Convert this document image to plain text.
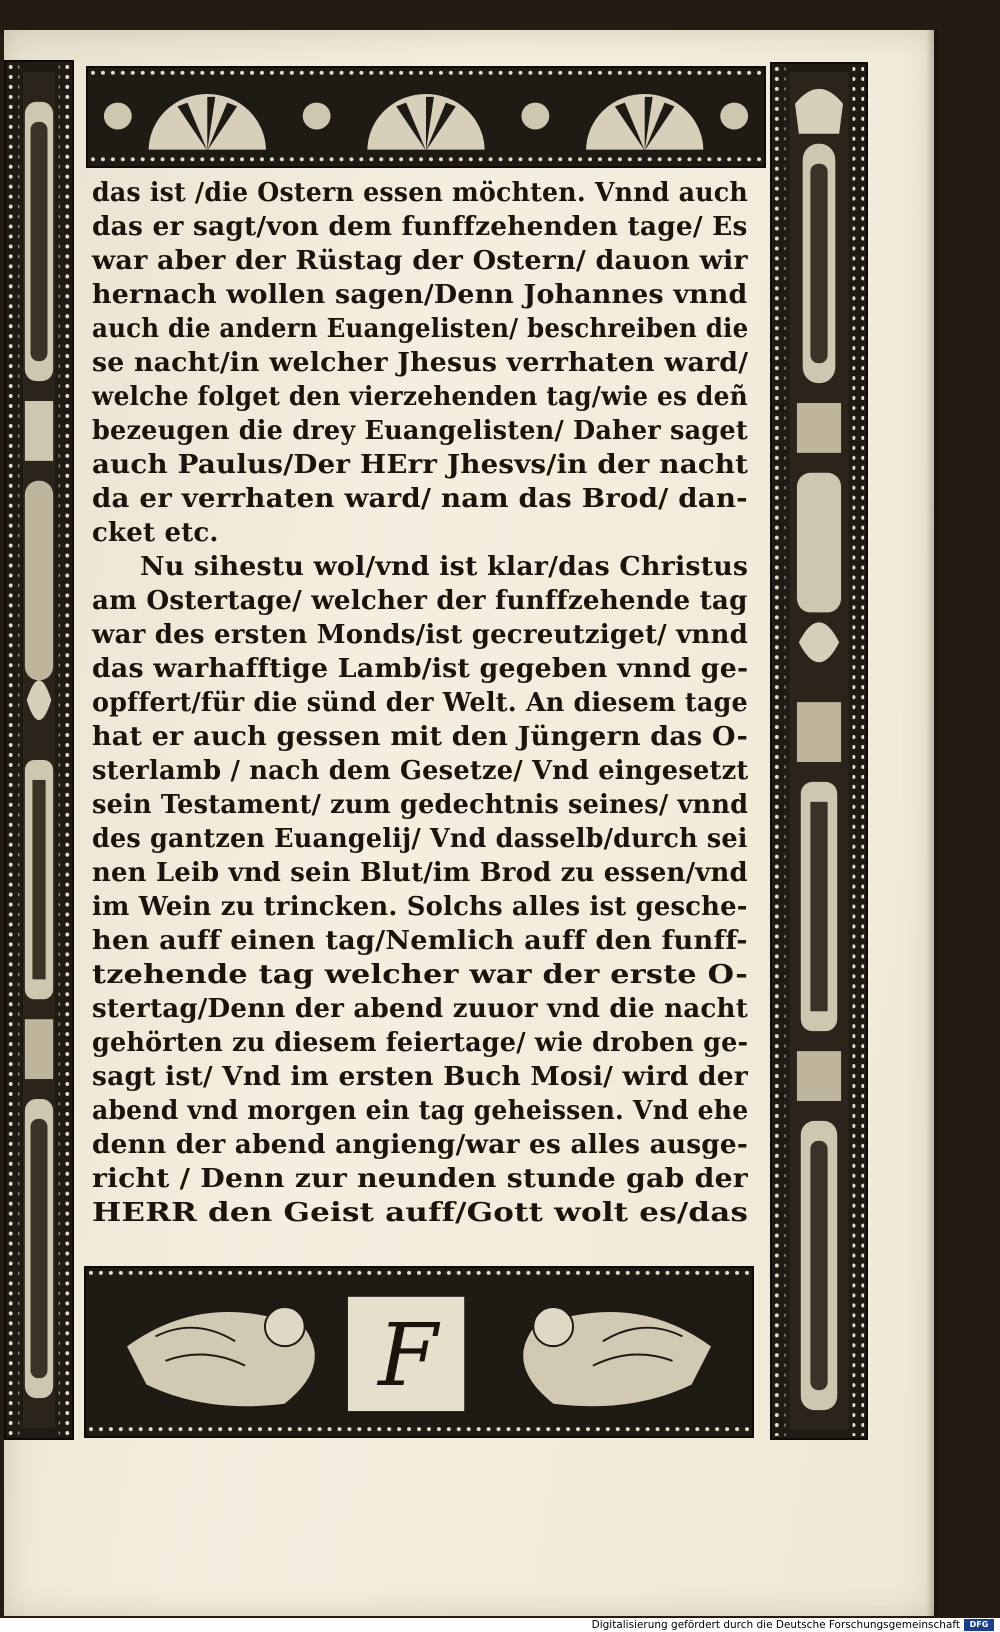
F
das ist /die Ostern essen möchten. Vnnd auch
das er sagt/von dem funffzehenden tage/ Es
war aber der Rüstag der Ostern/ dauon wir
hernach wollen sagen/Denn Johannes vnnd
auch die andern Euangelisten/ beschreiben die
se nacht/in welcher Jhesus verrhaten ward/
welche folget den vierzehenden tag/wie es deñ
bezeugen die drey Euangelisten/ Daher saget
auch Paulus/Der HErr Jhesvs/in der nacht
da er verrhaten ward/ nam das Brod/ dan-
cket etc.
Nu sihestu wol/vnd ist klar/das Christus
am Ostertage/ welcher der funffzehende tag
war des ersten Monds/ist gecreutziget/ vnnd
das warhafftige Lamb/ist gegeben vnnd ge-
opffert/für die sünd der Welt. An diesem tage
hat er auch gessen mit den Jüngern das O-
sterlamb / nach dem Gesetze/ Vnd eingesetzt
sein Testament/ zum gedechtnis seines/ vnnd
des gantzen Euangelij/ Vnd dasselb/durch sei
nen Leib vnd sein Blut/im Brod zu essen/vnd
im Wein zu trincken. Solchs alles ist gesche-
hen auff einen tag/Nemlich auff den funff-
tzehende tag welcher war der erste O-
stertag/Denn der abend zuuor vnd die nacht
gehörten zu diesem feiertage/ wie droben ge-
sagt ist/ Vnd im ersten Buch Mosi/ wird der
abend vnd morgen ein tag geheissen. Vnd ehe
denn der abend angieng/war es alles ausge-
richt / Denn zur neunden stunde gab der
HERR den Geist auff/Gott wolt es/das
Digitalisierung gefördert durch die Deutsche Forschungsgemeinschaft	DFG
